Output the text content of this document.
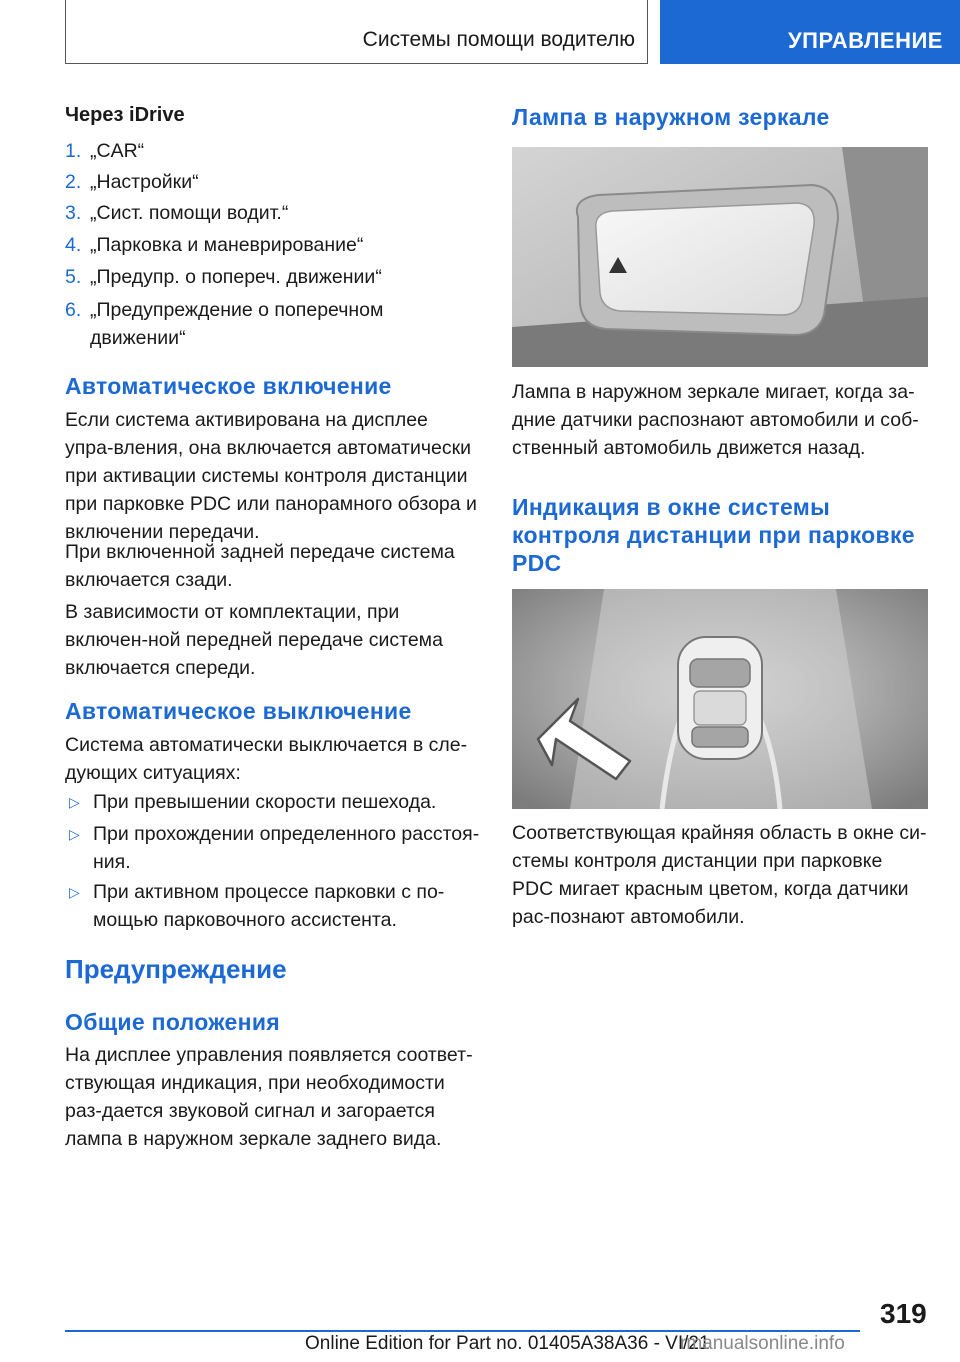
Системы помощи водителю	УПРАВЛЕНИЕ
Через iDrive
1. „CAR“
2. „Настройки“
3. „Сист. помощи водит.“
4. „Парковка и маневрирование“
5. „Предупр. о попереч. движении“
6. „Предупреждение о поперечном движении“
Автоматическое включение

Если система активирована на дисплее упра-вления, она включается автоматически при активации системы контроля дистанции при парковке PDC или панорамного обзора и включении передачи.

При включенной задней передаче система включается сзади.

В зависимости от комплектации, при включен-ной передней передаче система включается спереди.

Автоматическое выключение

Система автоматически выключается в сле-дующих ситуациях:

▷ При превышении скорости пешехода.
▷ При прохождении определенного расстоя-ния.
▷ При активном процессе парковки с по-мощью парковочного ассистента.
Предупреждение
Общие положения

На дисплее управления появляется соответ-ствующая индикация, при необходимости раз-дается звуковой сигнал и загорается лампа в наружном зеркале заднего вида.

Лампа в наружном зеркале

Лампа в наружном зеркале мигает, когда за-дние датчики распознают автомобили и соб-ственный автомобиль движется назад.

Индикация в окне системы контроля дистанции при парковке PDC

Соответствующая крайняя область в окне си-стемы контроля дистанции при парковке PDC мигает красным цветом, когда датчики рас-познают автомобили.

319
Online Edition for Part no. 01405A38A36 - VI/21
rmanualsonline.info
